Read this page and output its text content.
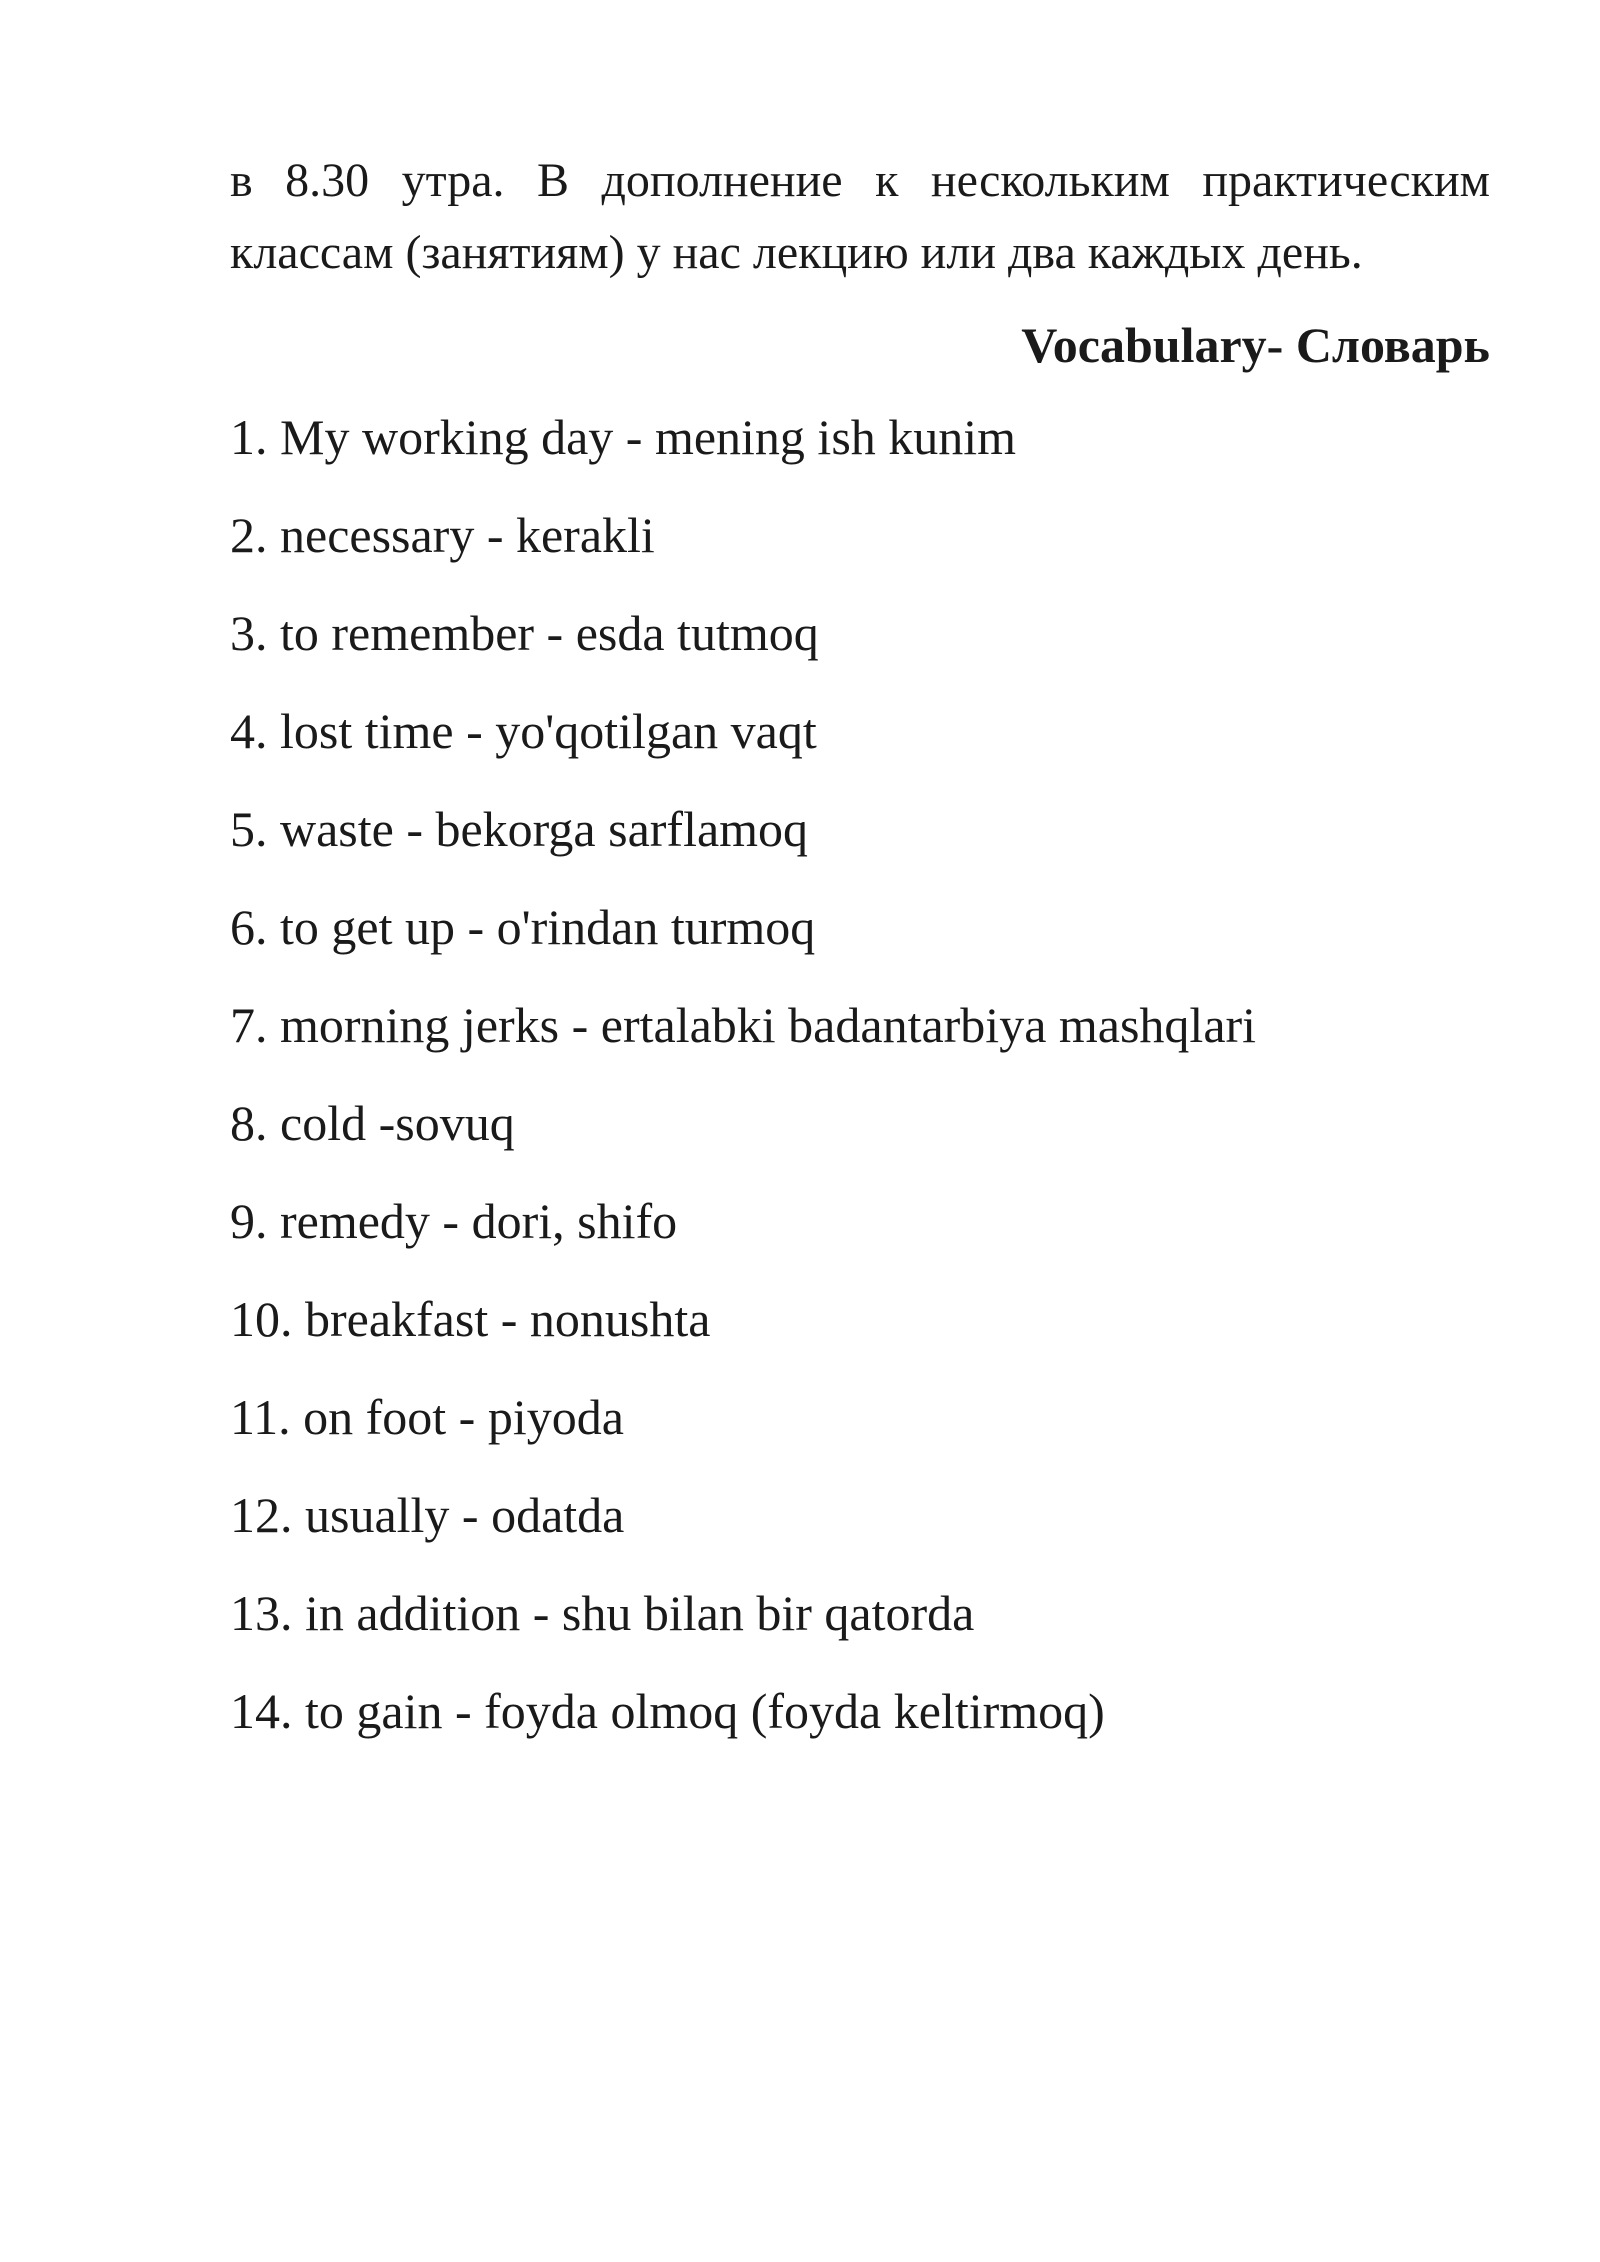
в 8.30 утра. В дополнение к нескольким практическим классам (занятиям) у нас лекцию или два каждых день.

Vocabulary- Словарь
1. My working day - mening ish kunim
2. necessary - kerakli
3. to remember - esda tutmoq
4. lost time - yo'qotilgan vaqt
5. waste - bekorga sarflamoq
6. to get up - o'rindan turmoq
7. morning jerks - ertalabki badantarbiya mashqlari
8. cold -sovuq
9. remedy - dori, shifo
10. breakfast - nonushta
11. on foot - piyoda
12. usually - odatda
13. in addition - shu bilan bir qatorda
14. to gain - foyda olmoq (foyda keltirmoq)
